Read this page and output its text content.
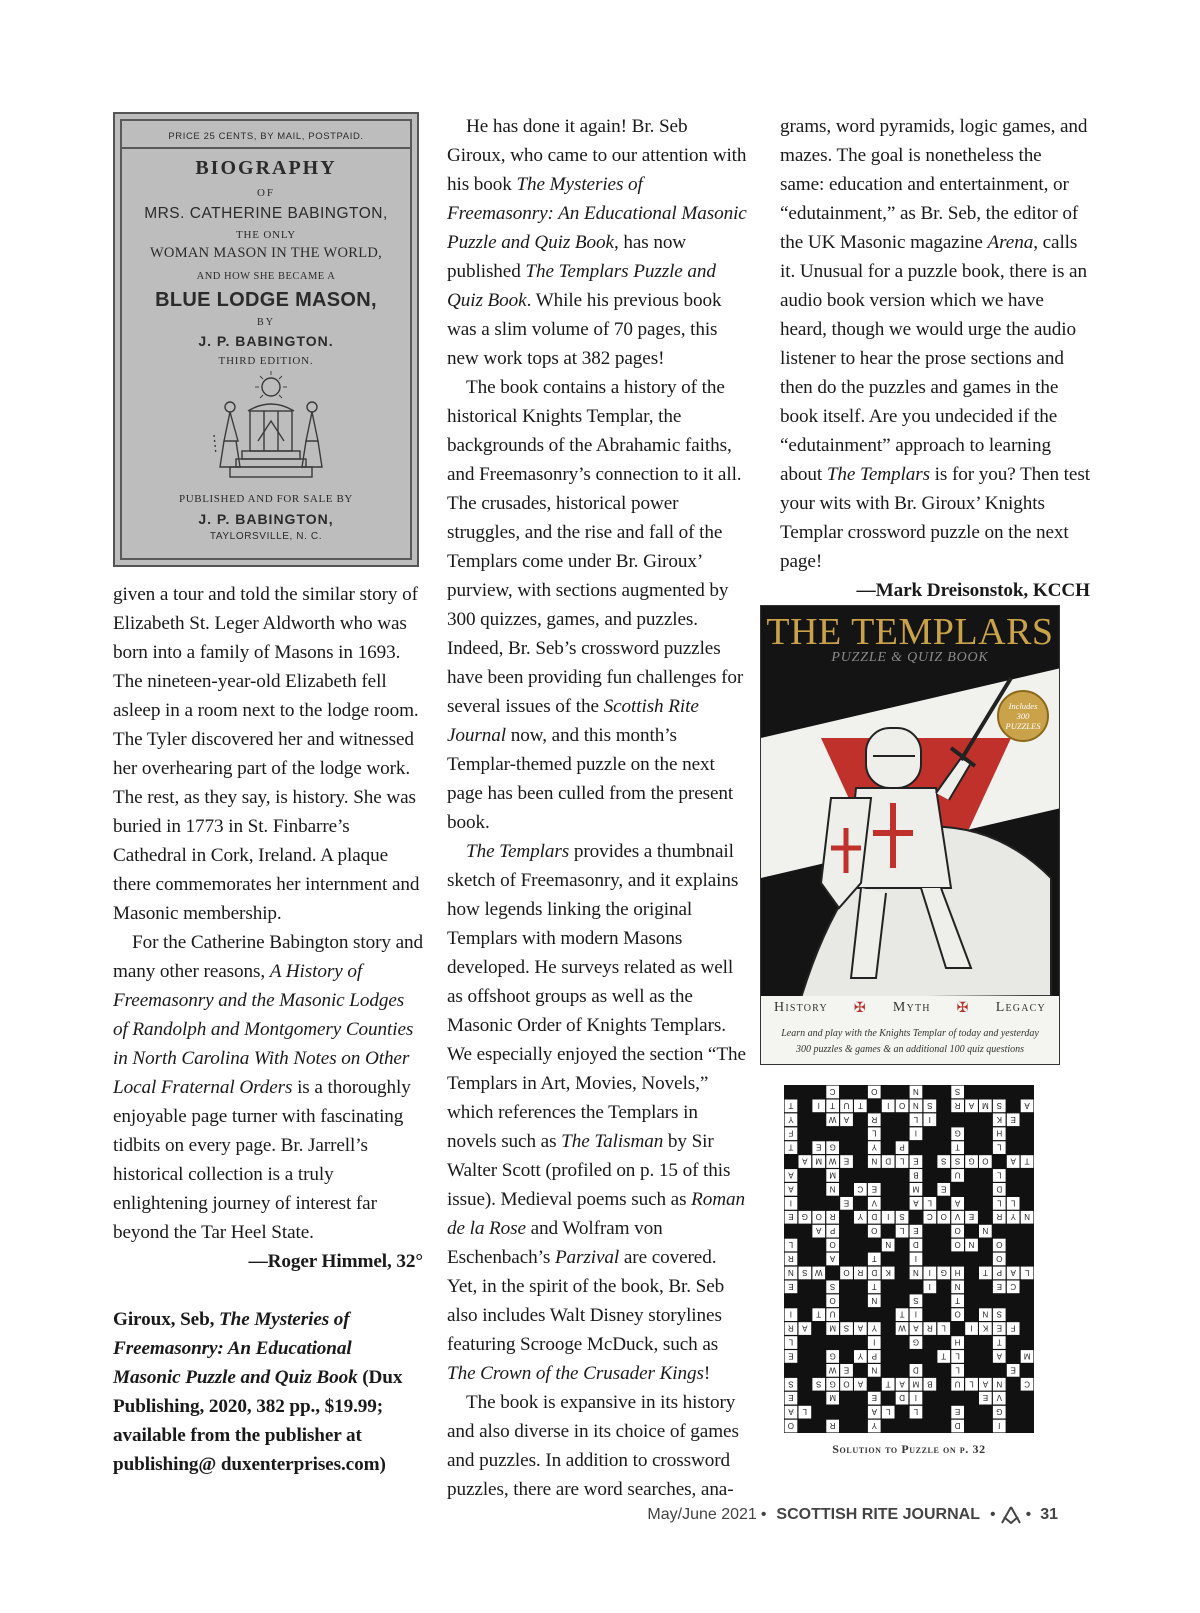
PRICE 25 CENTS, BY MAIL, POSTPAID.
BIOGRAPHY
OF
MRS. CATHERINE BABINGTON,
THE ONLY
WOMAN MASON IN THE WORLD,
AND HOW SHE BECAME A
BLUE LODGE MASON,
BY
J. P. BABINGTON.
THIRD EDITION.
PUBLISHED AND FOR SALE BY
J. P. BABINGTON,
TAYLORSVILLE, N. C.

given a tour and told the similar story of Elizabeth St. Leger Aldworth who was born into a family of Masons in 1693. The nineteen-year-old Elizabeth fell asleep in a room next to the lodge room. The Tyler discovered her and witnessed her overhearing part of the lodge work. The rest, as they say, is history. She was buried in 1773 in St. Finbarre’s Cathedral in Cork, Ireland. A plaque there commemorates her internment and Masonic membership.

For the Catherine Babington story and many other reasons, A History of Freemasonry and the Masonic Lodges of Randolph and Montgomery Counties in North Carolina With Notes on Other Local Fraternal Orders is a thoroughly enjoyable page turner with fascinating tidbits on every page. Br. Jarrell’s historical collection is a truly enlightening journey of interest far beyond the Tar Heel State.

—Roger Himmel, 32°

Giroux, Seb, The Mysteries of Freemasonry: An Educational Masonic Puzzle and Quiz Book (Dux Publishing, 2020, 382 pp., $19.99; available from the publisher at publishing@ duxenterprises.com)

He has done it again! Br. Seb Giroux, who came to our attention with his book The Mysteries of Freemasonry: An Educational Masonic Puzzle and Quiz Book, has now published The Templars Puzzle and Quiz Book. While his previous book was a slim volume of 70 pages, this new work tops at 382 pages!

The book contains a history of the historical Knights Templar, the backgrounds of the Abrahamic faiths, and Freemasonry’s connection to it all. The crusades, historical power struggles, and the rise and fall of the Templars come under Br. Giroux’ purview, with sections augmented by 300 quizzes, games, and puzzles. Indeed, Br. Seb’s crossword puzzles have been providing fun challenges for several issues of the Scottish Rite Journal now, and this month’s Templar-themed puzzle on the next page has been culled from the present book.

The Templars provides a thumbnail sketch of Freemasonry, and it explains how legends linking the original Templars with modern Masons developed. He surveys related as well as offshoot groups as well as the Masonic Order of Knights Templars. We especially enjoyed the section “The Templars in Art, Movies, Novels,” which references the Templars in novels such as The Talisman by Sir Walter Scott (profiled on p. 15 of this issue). Medieval poems such as Roman de la Rose and Wolfram von Eschenbach’s Parzival are covered. Yet, in the spirit of the book, Br. Seb also includes Walt Disney storylines featuring Scrooge McDuck, such as The Crown of the Crusader Kings!

The book is expansive in its history and also diverse in its choice of games and puzzles. In addition to crossword puzzles, there are word searches, ana-

grams, word pyramids, logic games, and mazes. The goal is nonetheless the same: education and entertainment, or “edutainment,” as Br. Seb, the editor of the UK Masonic magazine Arena, calls it. Unusual for a puzzle book, there is an audio book version which we have heard, though we would urge the audio listener to hear the prose sections and then do the puzzles and games in the book itself. Are you undecided if the “edutainment” approach to learning about The Templars is for you? Then test your wits with Br. Giroux’ Knights Templar crossword puzzle on the next page!

—Mark Dreisonstok, KCCH

THE TEMPLARS
PUZZLE & QUIZ BOOK
Includes
300
PUZZLES
History ✠ Myth ✠ Legacy
Learn and play with the Knights Templar of today and yesterday
300 puzzles & games & an additional 100 quiz questions
C	O	N	S
T	I T U T	I O N S	R A M S	A
Y	W A	R	L I	K E
F	L	I	G	H
T	E G	Y	P	T	L
A M W E	N D L E	S S G O	A T
A	M	B	U	L
A	N	C E	M	E	D
I	E	V	A L	A	L L
E G O R	Y D I S	C O V E	R Y N
A P	O	L E	O	N
L	O	N	D	O N	O
R	A	T	I	O
N S W	O R D K	N I G H	T P A L
E	S	T	I	N	E C
O	N	S	T
I	T U	T I	O	N S
R A	M S A Y	W A R L	I K E F
L	I	G	H	T
E	G	Y P	T L	A	M
W E	N	D	L	E
S	S G O A	T A M B	U L A N	C
E	M	E	D I	E V
A L	A L	L	E	G
O	R	Y	D	I
Solution to Puzzle on p. 32
May/June 2021 • SCOTTISH RITE JOURNAL • • 31
